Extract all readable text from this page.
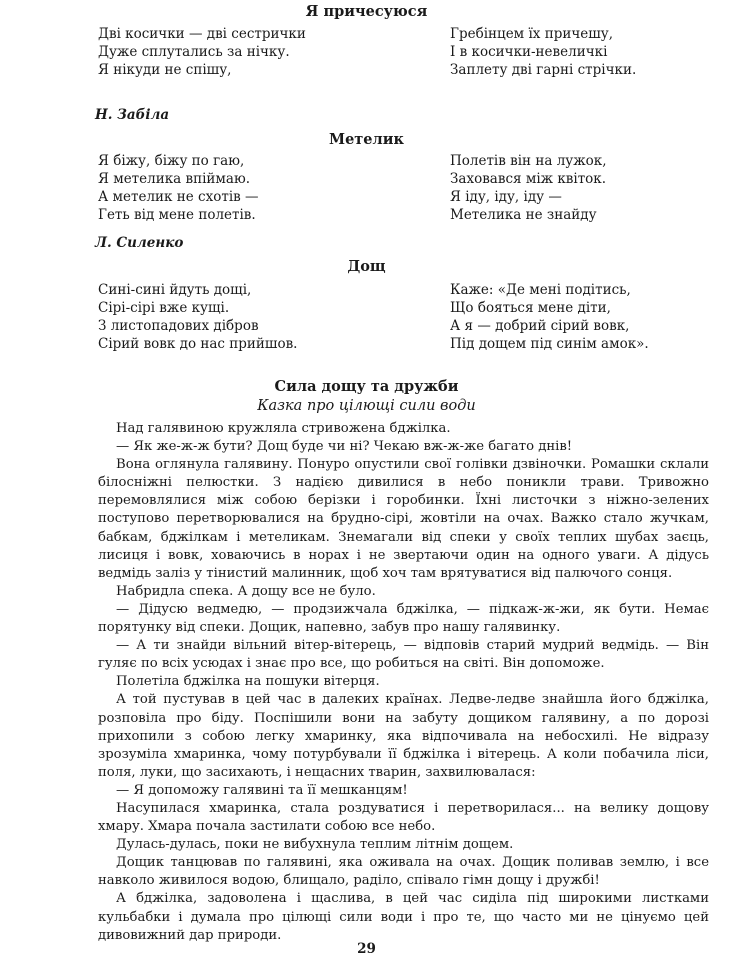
Я причесуюся
Дві косички — дві сестрички
Дуже сплутались за нічку.
Я нікуди не спішу,
Гребінцем їх причешу,
І в косички-невеличкі
Заплету дві гарні стрічки.
Н. Забіла
Метелик
Я біжу, біжу по гаю,
Я метелика впіймаю.
А метелик не схотів —
Геть від мене полетів.
Полетів він на лужок,
Заховався між квіток.
Я іду, іду, іду —
Метелика не знайду
Л. Силенко
Дощ
Сині-сині йдуть дощі,
Сірі-сірі вже кущі.
З листопадових дібров
Сірий вовк до нас прийшов.
Каже: «Де мені подітись,
Що бояться мене діти,
А я — добрий сірий вовк,
Під дощем під синім амок».
Сила дощу та дружби
Казка про цілющі сили води

Над галявиною кружляла стривожена бджілка.

— Як же-ж-ж бути? Дощ буде чи ні? Чекаю вж-ж-же багато днів!

Вона оглянула галявину. Понуро опустили свої голівки дзвіночки. Ромашки склали білосніжні пелюстки. З надією дивилися в небо поникли трави. Тривожно перемовлялися між собою берізки і горобинки. Їхні листочки з ніжно-зелених поступово перетворювалися на брудно-сірі, жовтіли на очах. Важко стало жучкам, бабкам, бджілкам і метеликам. Знемагали від спеки у своїх теплих шубах заєць, лисиця і вовк, ховаючись в норах і не звертаючи один на одного уваги. А дідусь ведмідь заліз у тінистий малинник, щоб хоч там врятуватися від палючого сонця.

Набридла спека. А дощу все не було.

— Дідусю ведмедю, — продзижчала бджілка, — підкаж-ж-жи, як бути. Немає порятунку від спеки. Дощик, напевно, забув про нашу галявинку.

— А ти знайди вільний вітер-вітерець, — відповів старий мудрий ведмідь. — Він гуляє по всіх усюдах і знає про все, що робиться на світі. Він допоможе.

Полетіла бджілка на пошуки вітерця.

А той пустував в цей час в далеких країнах. Ледве-ледве знайшла його бджілка, розповіла про біду. Поспішили вони на забуту дощиком галявину, а по дорозі прихопили з собою легку хмаринку, яка відпочивала на небосхилі. Не відразу зрозуміла хмаринка, чому потурбували її бджілка і вітерець. А коли побачила ліси, поля, луки, що засихають, і нещасних тварин, захвилювалася:

— Я допоможу галявині та її мешканцям!

Насупилася хмаринка, стала роздуватися і перетворилася... на велику дощову хмару. Хмара почала застилати собою все небо.

Дулась-дулась, поки не вибухнула теплим літнім дощем.

Дощик танцював по галявині, яка оживала на очах. Дощик поливав землю, і все навколо живилося водою, блищало, раділо, співало гімн дощу і дружбі!

А бджілка, задоволена і щаслива, в цей час сиділа під широкими листками кульбабки і думала про цілющі сили води і про те, що часто ми не цінуємо цей дивовижний дар природи.

29
